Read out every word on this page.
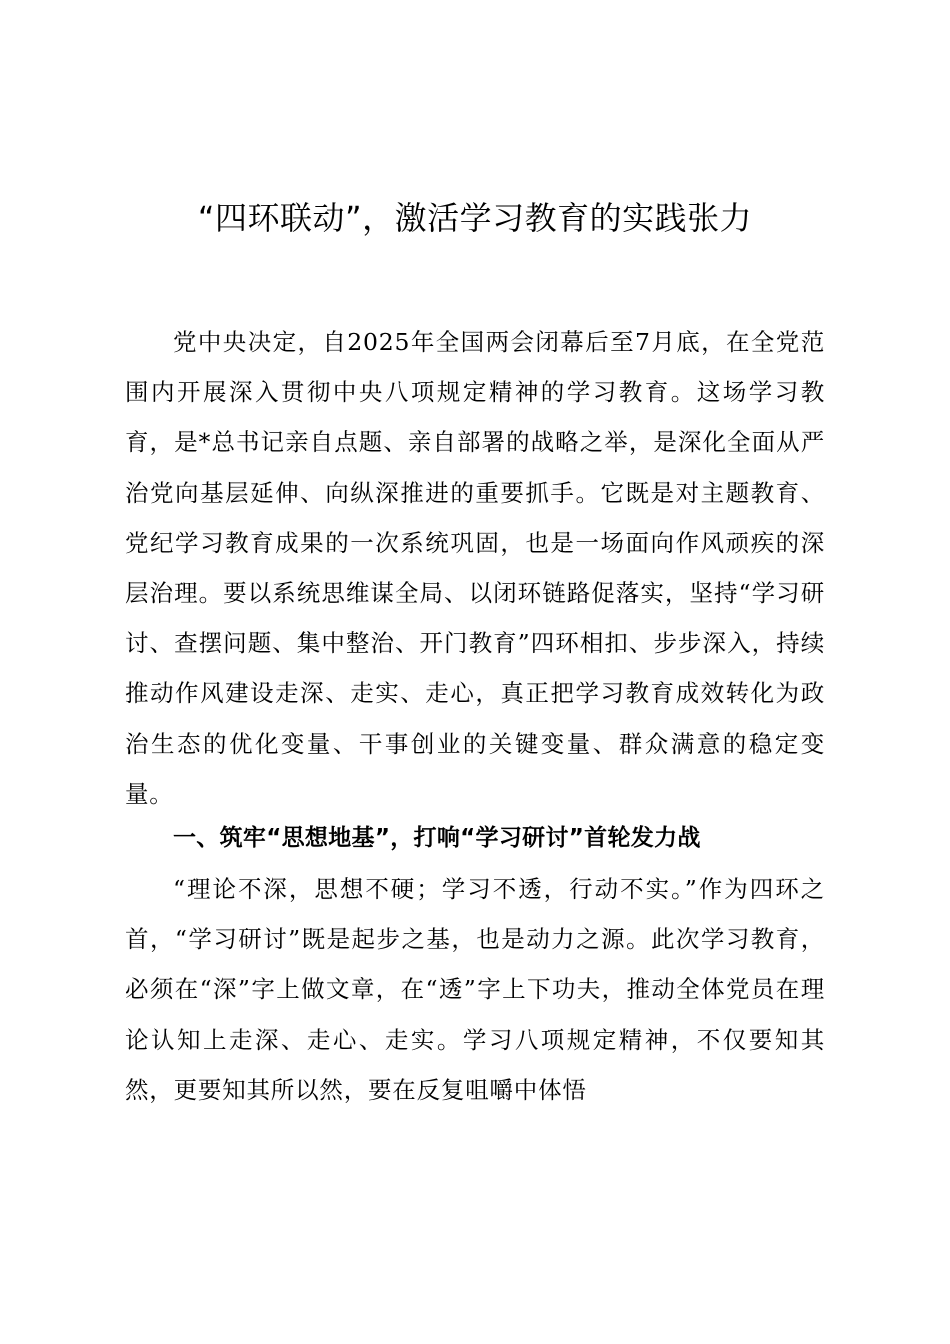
“四环联动”，激活学习教育的实践张力

党中央决定，自2025年全国两会闭幕后至7月底，在全党范围内开展深入贯彻中央八项规定精神的学习教育。这场学习教育，是*总书记亲自点题、亲自部署的战略之举，是深化全面从严治党向基层延伸、向纵深推进的重要抓手。它既是对主题教育、党纪学习教育成果的一次系统巩固，也是一场面向作风顽疾的深层治理。要以系统思维谋全局、以闭环链路促落实，坚持“学习研讨、查摆问题、集中整治、开门教育”四环相扣、步步深入，持续推动作风建设走深、走实、走心，真正把学习教育成效转化为政治生态的优化变量、干事创业的关键变量、群众满意的稳定变量。

一、筑牢“思想地基”，打响“学习研讨”首轮发力战

“理论不深，思想不硬；学习不透，行动不实。”作为四环之首，“学习研讨”既是起步之基，也是动力之源。此次学习教育，必须在“深”字上做文章，在“透”字上下功夫，推动全体党员在理论认知上走深、走心、走实。学习八项规定精神，不仅要知其然，更要知其所以然，要在反复咀嚼中体悟
